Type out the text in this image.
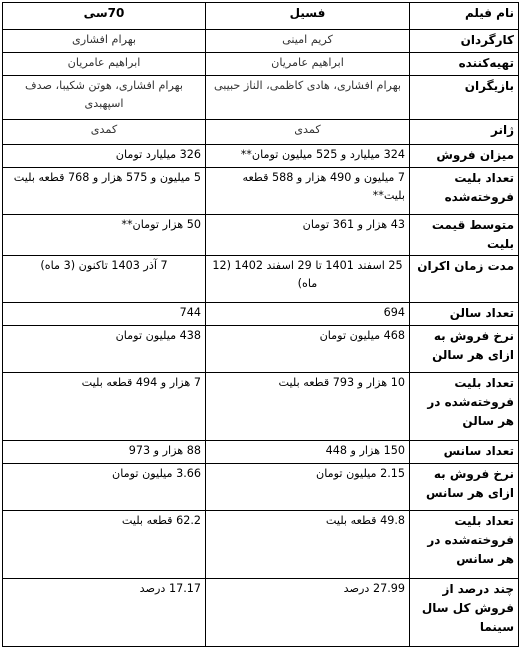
نام فیلم	فسیل	70سی
کارگردان	کریم امینی	بهرام افشاری
تهیه‌کننده	ابراهیم عامریان	ابراهیم عامریان
بازیگران	بهرام افشاری، هادی کاظمی، الناز حبیبی	بهرام افشاری، هوتن شکیبا، صدف اسپهبدی
ژانر	کمدی	کمدی
میزان فروش	324 میلیارد و 525 میلیون تومان**	326 میلیارد تومان
تعداد بلیت فروخته‌شده	7 میلیون و 490 هزار و 588 قطعه بلیت**	5 میلیون و 575 هزار و 768 قطعه بلیت
متوسط قیمت بلیت	43 هزار و 361 تومان	50 هزار تومان**
مدت زمان اکران	25 اسفند 1401 تا 29 اسفند 1402 (12 ماه)	7 آذر 1403 تاکنون (3 ماه)
تعداد سالن	694	744
نرخ فروش به ازای هر سالن	468 میلیون تومان	438 میلیون تومان
تعداد بلیت فروخته‌شده در هر سالن	10 هزار و 793 قطعه بلیت	7 هزار و 494 قطعه بلیت
تعداد سانس	150 هزار و 448	88 هزار و 973
نرخ فروش به ازای هر سانس	2.15 میلیون تومان	3.66 میلیون تومان
تعداد بلیت فروخته‌شده در هر سانس	49.8 قطعه بلیت	62.2 قطعه بلیت
چند درصد از فروش کل سال سینما	27.99 درصد	17.17 درصد
